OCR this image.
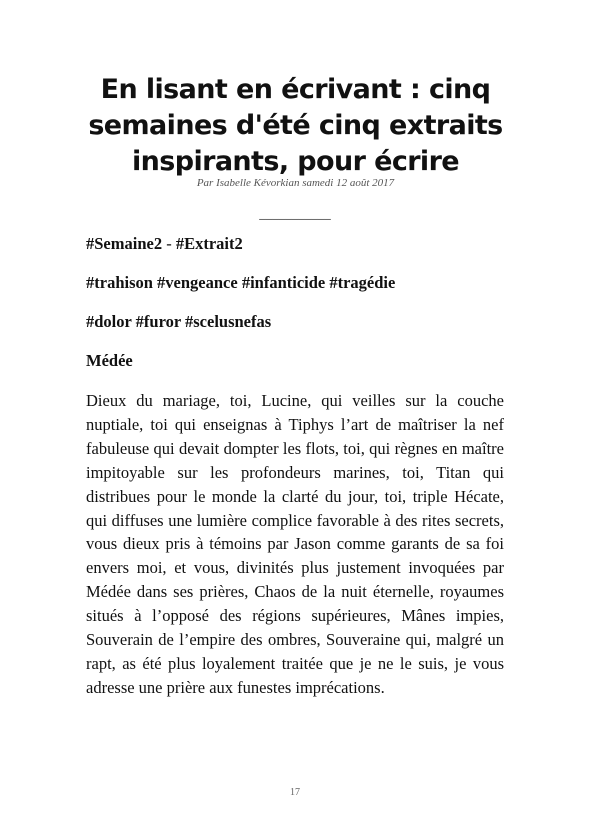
En lisant en écrivant : cinq semaines d'été cinq extraits inspirants, pour écrire
Par Isabelle Kévorkian samedi 12 août 2017
___________
#Semaine2 - #Extrait2
#trahison #vengeance #infanticide #tragédie
#dolor #furor #scelusnefas
Médée

Dieux du mariage, toi, Lucine, qui veilles sur la couche nuptiale, toi qui enseignas à Tiphys l’art de maîtriser la nef fabuleuse qui devait dompter les flots, toi, qui règnes en maître impitoyable sur les profondeurs marines, toi, Titan qui distribues pour le monde la clarté du jour, toi, triple Hécate, qui diffuses une lumière complice favorable à des rites secrets, vous dieux pris à témoins par Jason comme garants de sa foi envers moi, et vous, divinités plus justement invoquées par Médée dans ses prières, Chaos de la nuit éternelle, royaumes situés à l’opposé des régions supérieures, Mânes impies, Souverain de l’empire des ombres, Souveraine qui, malgré un rapt, as été plus loyalement traitée que je ne le suis, je vous adresse une prière aux funestes imprécations.

17
